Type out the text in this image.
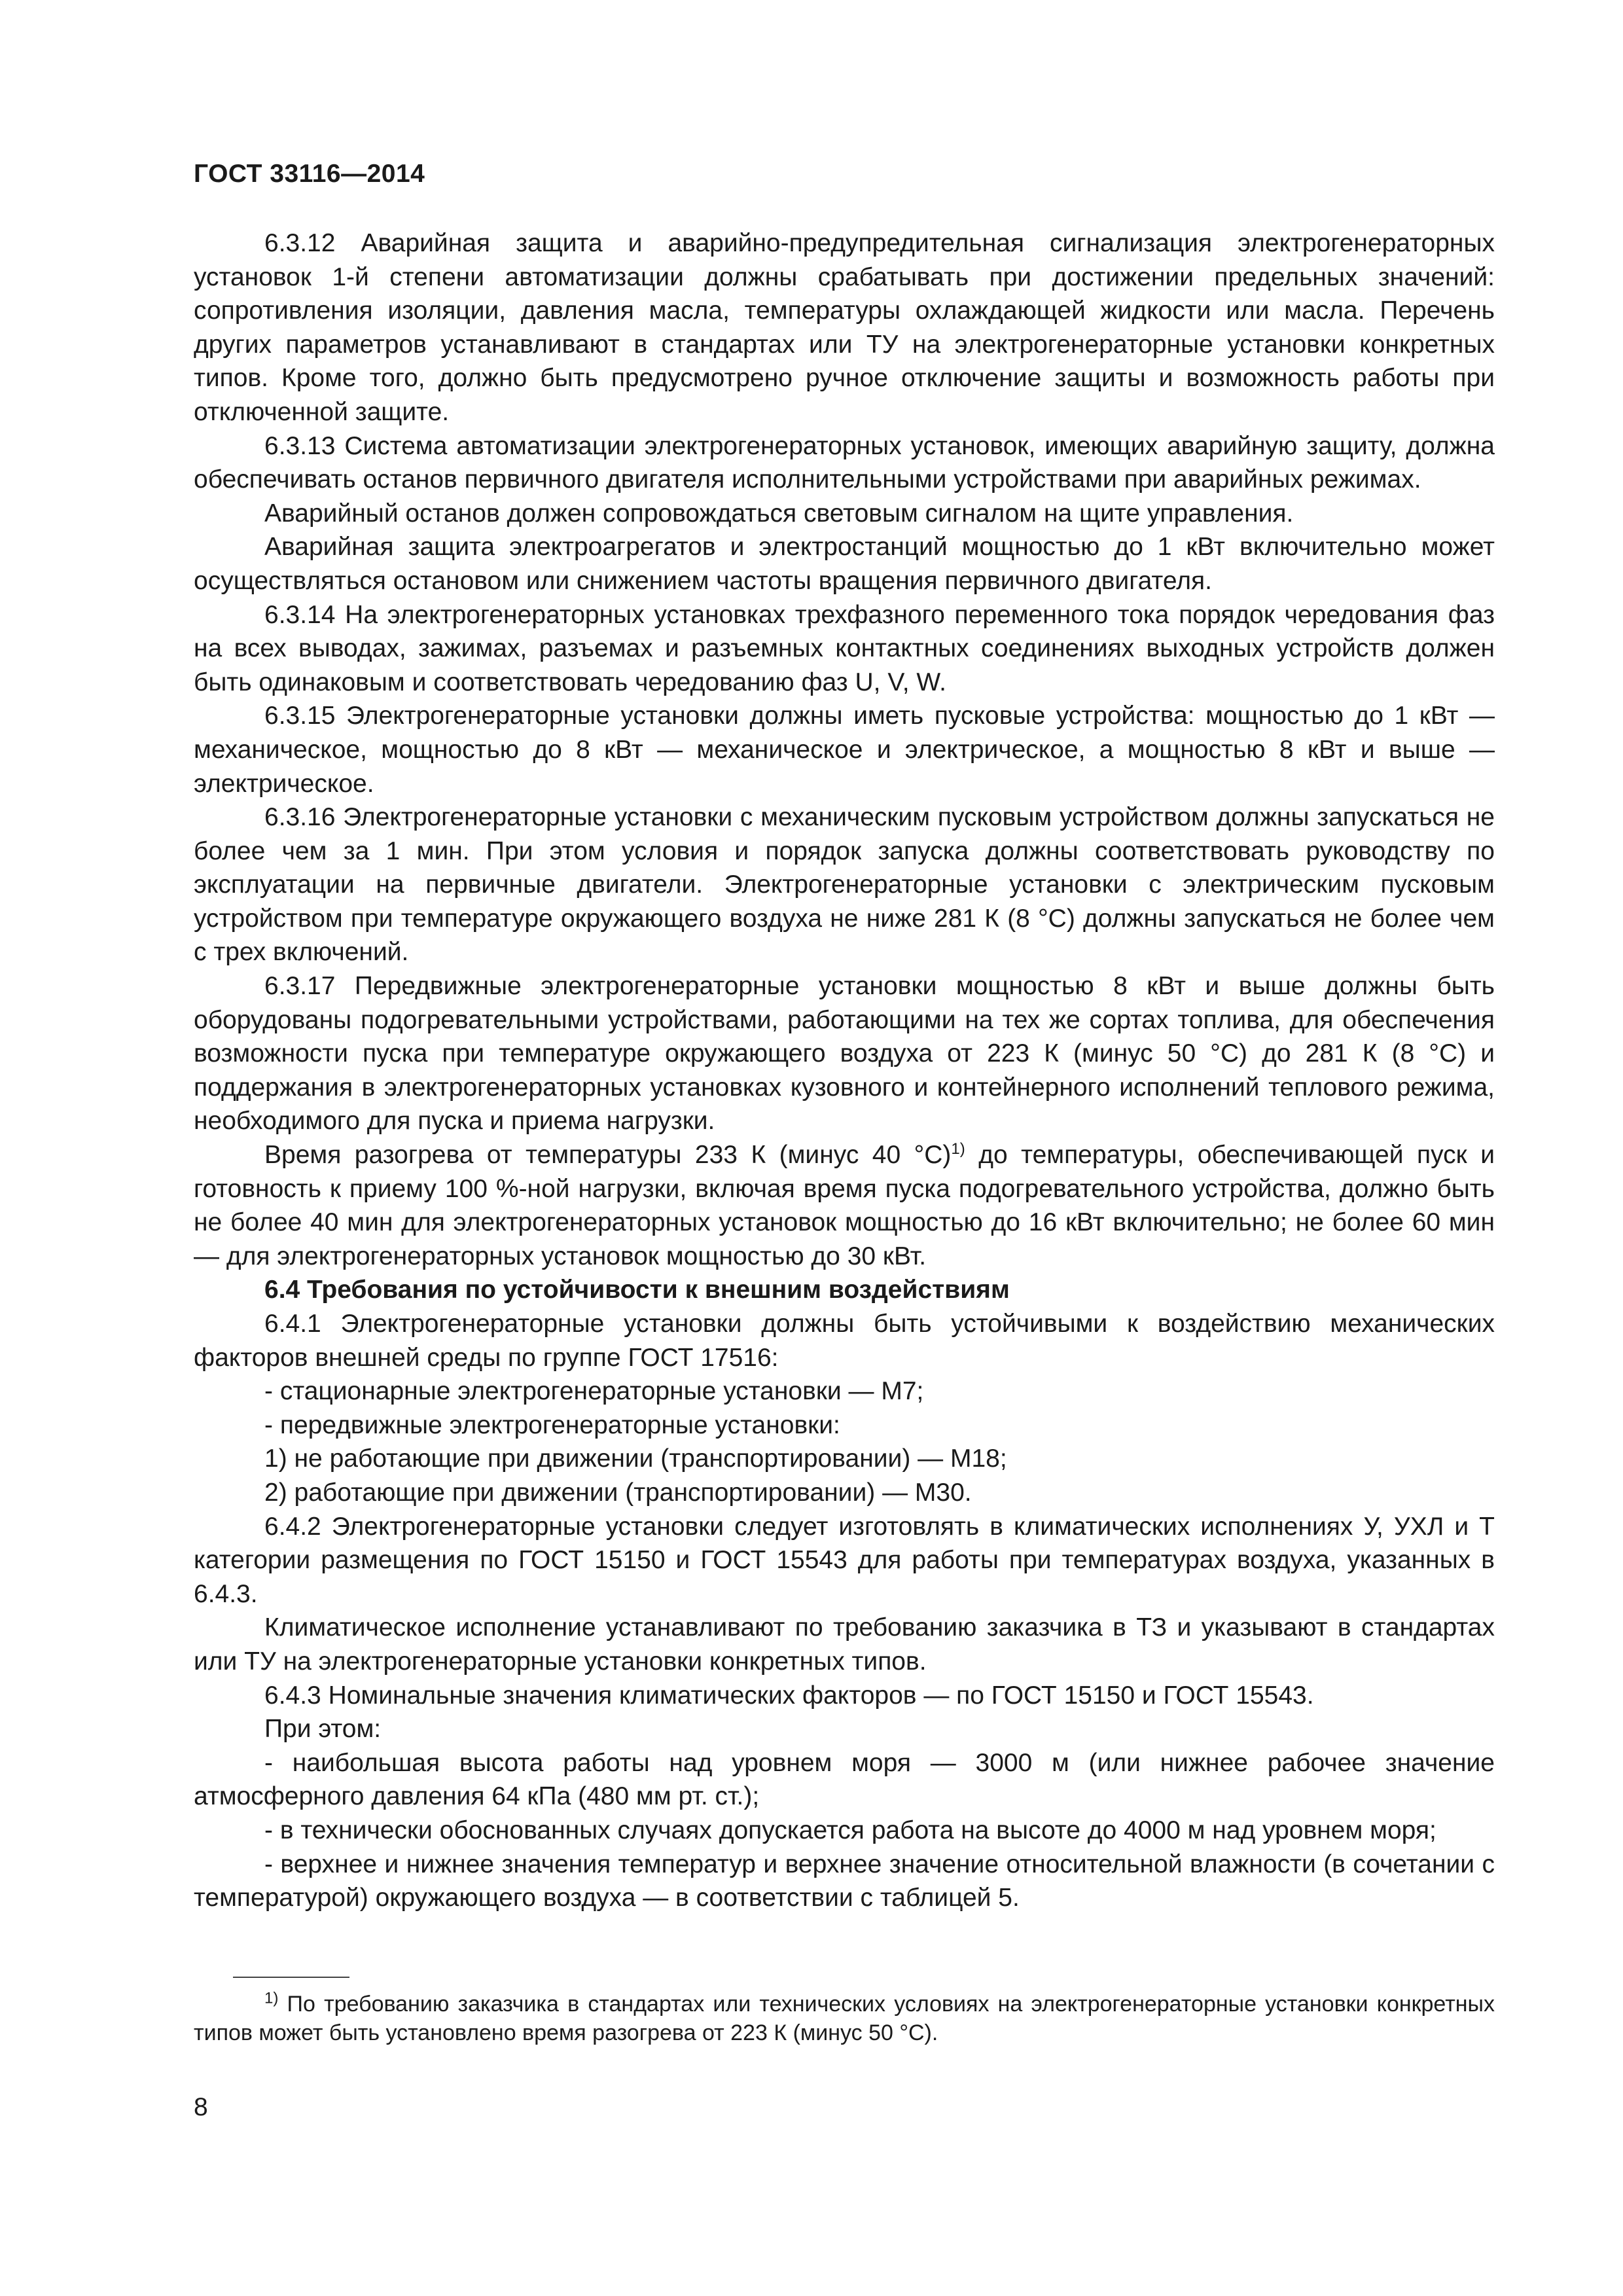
ГОСТ 33116—2014

6.3.12 Аварийная защита и аварийно-предупредительная сигнализация электрогенераторных установок 1-й степени автоматизации должны срабатывать при достижении предельных значений: сопротивления изоляции, давления масла, температуры охлаждающей жидкости или масла. Перечень других параметров устанавливают в стандартах или ТУ на электрогенераторные установки конкретных типов. Кроме того, должно быть предусмотрено ручное отключение защиты и возможность работы при отключенной защите.

6.3.13 Система автоматизации электрогенераторных установок, имеющих аварийную защиту, должна обеспечивать останов первичного двигателя исполнительными устройствами при аварийных режимах.

Аварийный останов должен сопровождаться световым сигналом на щите управления.

Аварийная защита электроагрегатов и электростанций мощностью до 1 кВт включительно может осуществляться остановом или снижением частоты вращения первичного двигателя.

6.3.14 На электрогенераторных установках трехфазного переменного тока порядок чередования фаз на всех выводах, зажимах, разъемах и разъемных контактных соединениях выходных устройств должен быть одинаковым и соответствовать чередованию фаз U, V, W.

6.3.15 Электрогенераторные установки должны иметь пусковые устройства: мощностью до 1 кВт — механическое, мощностью до 8 кВт — механическое и электрическое, а мощностью 8 кВт и выше — электрическое.

6.3.16 Электрогенераторные установки с механическим пусковым устройством должны запускаться не более чем за 1 мин. При этом условия и порядок запуска должны соответствовать руководству по эксплуатации на первичные двигатели. Электрогенераторные установки с электрическим пусковым устройством при температуре окружающего воздуха не ниже 281 К (8 °С) должны запускаться не более чем с трех включений.

6.3.17 Передвижные электрогенераторные установки мощностью 8 кВт и выше должны быть оборудованы подогревательными устройствами, работающими на тех же сортах топлива, для обеспечения возможности пуска при температуре окружающего воздуха от 223 К (минус 50 °С) до 281 К (8 °С) и поддержания в электрогенераторных установках кузовного и контейнерного исполнений теплового режима, необходимого для пуска и приема нагрузки.

Время разогрева от температуры 233 К (минус 40 °С)$^{1)}$ до температуры, обеспечивающей пуск и готовность к приему 100 %-ной нагрузки, включая время пуска подогревательного устройства, должно быть не более 40 мин для электрогенераторных установок мощностью до 16 кВт включительно; не более 60 мин — для электрогенераторных установок мощностью до 30 кВт.

6.4 Требования по устойчивости к внешним воздействиям

6.4.1 Электрогенераторные установки должны быть устойчивыми к воздействию механических факторов внешней среды по группе ГОСТ 17516:

- стационарные электрогенераторные установки — М7;

- передвижные электрогенераторные установки:

1) не работающие при движении (транспортировании) — М18;

2) работающие при движении (транспортировании) — М30.

6.4.2 Электрогенераторные установки следует изготовлять в климатических исполнениях У, УХЛ и Т категории размещения по ГОСТ 15150 и ГОСТ 15543 для работы при температурах воздуха, указанных в 6.4.3.

Климатическое исполнение устанавливают по требованию заказчика в ТЗ и указывают в стандартах или ТУ на электрогенераторные установки конкретных типов.

6.4.3 Номинальные значения климатических факторов — по ГОСТ 15150 и ГОСТ 15543.

При этом:

- наибольшая высота работы над уровнем моря — 3000 м (или нижнее рабочее значение атмосферного давления 64 кПа (480 мм рт. ст.);

- в технически обоснованных случаях допускается работа на высоте до 4000 м над уровнем моря;

- верхнее и нижнее значения температур и верхнее значение относительной влажности (в сочетании с температурой) окружающего воздуха — в соответствии с таблицей 5.

$^{1)}$ По требованию заказчика в стандартах или технических условиях на электрогенераторные установки конкретных типов может быть установлено время разогрева от 223 К (минус 50 °С).
8
